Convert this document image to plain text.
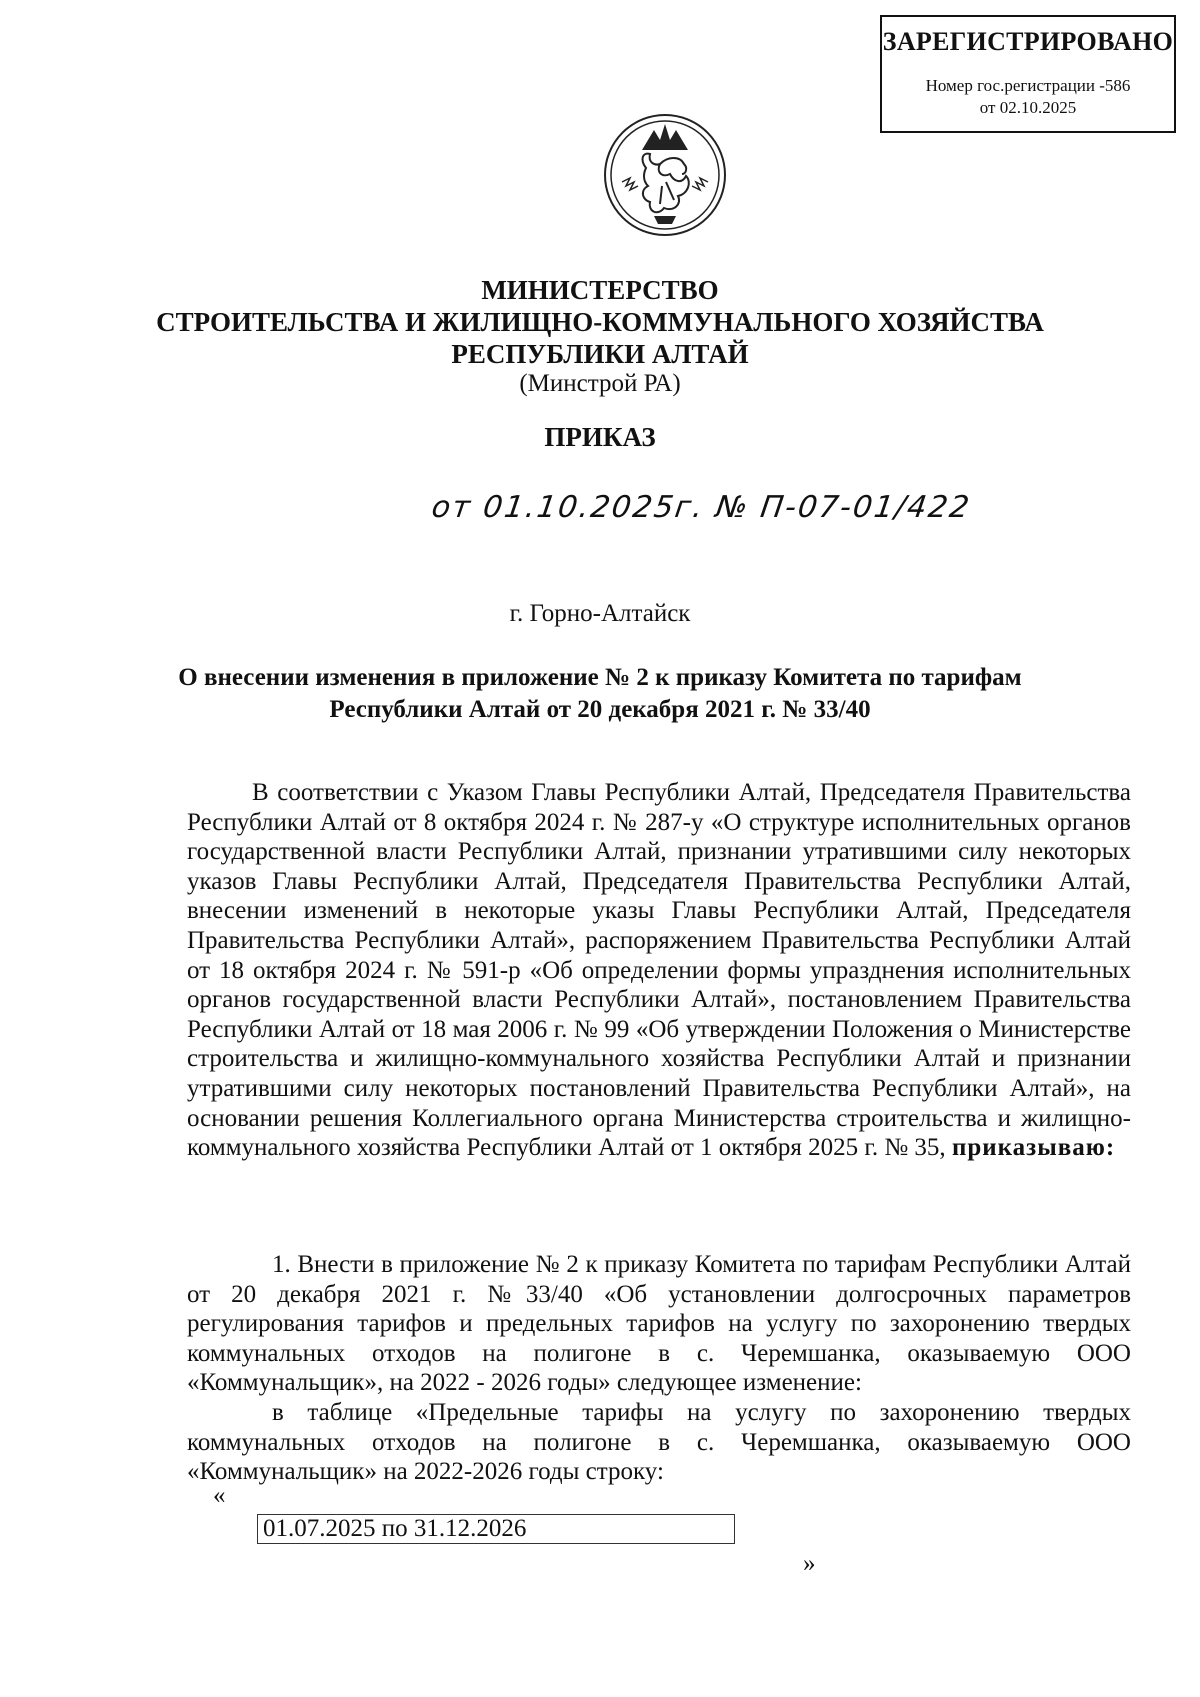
ЗАРЕГИСТРИРОВАНО
Номер гос.регистрации -586
от 02.10.2025
МИНИСТЕРСТВО
СТРОИТЕЛЬСТВА И ЖИЛИЩНО-КОММУНАЛЬНОГО ХОЗЯЙСТВА
РЕСПУБЛИКИ АЛТАЙ
(Минстрой РА)
ПРИКАЗ
от 01.10.2025г. № П-07-01/422
г. Горно-Алтайск
О внесении изменения в приложение № 2 к приказу Комитета по тарифам
Республики Алтай от 20 декабря 2021 г. № 33/40

В соответствии с Указом Главы Республики Алтай, Председателя Правительства Республики Алтай от 8 октября 2024 г. № 287-у «О структуре исполнительных органов государственной власти Республики Алтай, признании утратившими силу некоторых указов Главы Республики Алтай, Председателя Правительства Республики Алтай, внесении изменений в некоторые указы Главы Республики Алтай, Председателя Правительства Республики Алтай», распоряжением Правительства Республики Алтай от 18 октября 2024 г. № 591-р «Об определении формы упразднения исполнительных органов государственной власти Республики Алтай», постановлением Правительства Республики Алтай от 18 мая 2006 г. № 99 «Об утверждении Положения о Министерстве строительства и жилищно-коммунального хозяйства Республики Алтай и признании утратившими силу некоторых постановлений Правительства Республики Алтай», на основании решения Коллегиального органа Министерства строительства и жилищно-коммунального хозяйства Республики Алтай от 1 октября 2025 г. № 35, приказываю:

1. Внести в приложение № 2 к приказу Комитета по тарифам Республики Алтай от 20 декабря 2021 г. №33/40 «Об установлении долгосрочных параметров регулирования тарифов и предельных тарифов на услугу по захоронению твердых коммунальных отходов на полигоне в с. Черемшанка, оказываемую ООО «Коммунальщик», на 2022 - 2026 годы» следующее изменение:

в таблице «Предельные тарифы на услугу по захоронению твердых коммунальных отходов на полигоне в с. Черемшанка, оказываемую ООО «Коммунальщик» на 2022-2026 годы строку:

«
01.07.2025 по 31.12.2026
»
